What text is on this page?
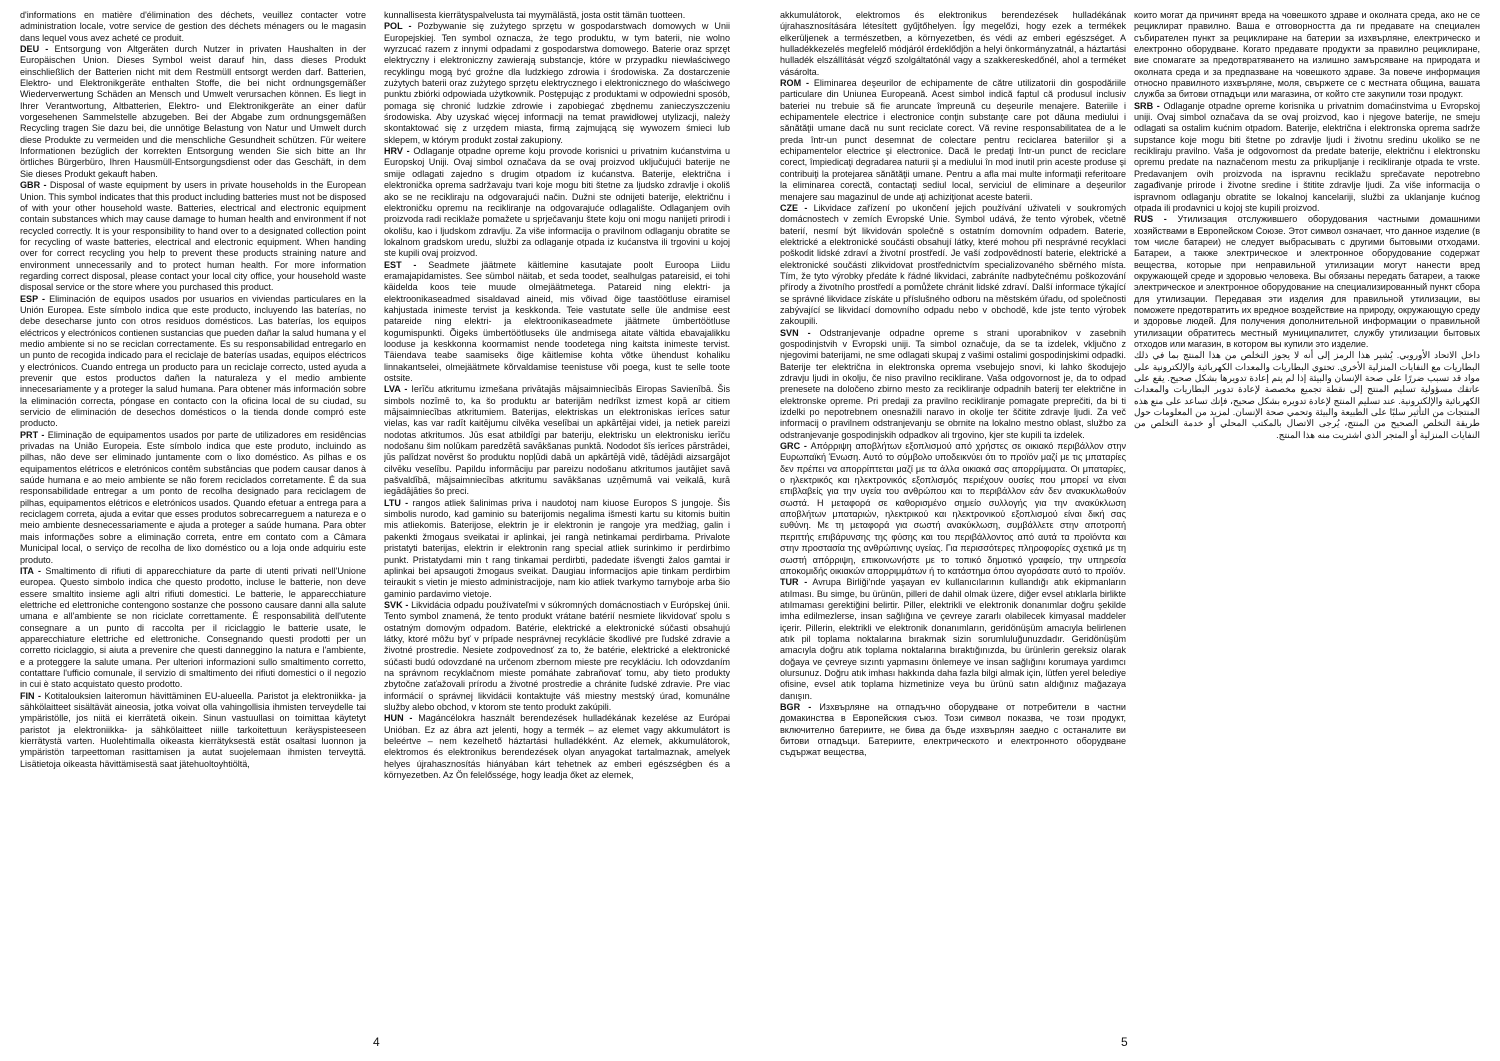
d'informations en matière d'élimination des déchets, veuillez contacter votre administration locale, votre service de gestion des déchets ménagers ou le magasin dans lequel vous avez acheté ce produit.

DEU - Entsorgung von Altgeräten durch Nutzer in privaten Haushalten in der Europäischen Union. Dieses Symbol weist darauf hin, dass dieses Produkt einschließlich der Batterien nicht mit dem Restmüll entsorgt werden darf. Batterien, Elektro- und Elektronikgeräte enthalten Stoffe, die bei nicht ordnungsgemäßer Wiederverwertung Schäden an Mensch und Umwelt verursachen können. Es liegt in Ihrer Verantwortung, Altbatterien, Elektro- und Elektronikgeräte an einer dafür vorgesehenen Sammelstelle abzugeben. Bei der Abgabe zum ordnungsgemäßen Recycling tragen Sie dazu bei, die unnötige Belastung von Natur und Umwelt durch diese Produkte zu vermeiden und die menschliche Gesundheit schützen. Für weitere Informationen bezüglich der korrekten Entsorgung wenden Sie sich bitte an Ihr örtliches Bürgerbüro, Ihren Hausmüll-Entsorgungsdienst oder das Geschäft, in dem Sie dieses Produkt gekauft haben.

GBR - Disposal of waste equipment by users in private households in the European Union. This symbol indicates that this product including batteries must not be disposed of with your other household waste. Batteries, electrical and electronic equipment contain substances which may cause damage to human health and environment if not recycled correctly. It is your responsibility to hand over to a designated collection point for recycling of waste batteries, electrical and electronic equipment. When handing over for correct recycling you help to prevent these products straining nature and environment unnecessarily and to protect human health. For more information regarding correct disposal, please contact your local city office, your household waste disposal service or the store where you purchased this product.

ESP - Eliminación de equipos usados por usuarios en viviendas particulares en la Unión Europea. Este símbolo indica que este producto, incluyendo las baterías, no debe desecharse junto con otros residuos domésticos. Las baterías, los equipos eléctricos y electrónicos contienen sustancias que pueden dañar la salud humana y el medio ambiente si no se reciclan correctamente. Es su responsabilidad entregarlo en un punto de recogida indicado para el reciclaje de baterías usadas, equipos eléctricos y electrónicos. Cuando entrega un producto para un reciclaje correcto, usted ayuda a prevenir que estos productos dañen la naturaleza y el medio ambiente innecesariamente y a proteger la salud humana. Para obtener más información sobre la eliminación correcta, póngase en contacto con la oficina local de su ciudad, su servicio de eliminación de desechos domésticos o la tienda donde compró este producto.

PRT - Eliminação de equipamentos usados por parte de utilizadores em residências privadas na União Europeia. Este símbolo indica que este produto, incluindo as pilhas, não deve ser eliminado juntamente com o lixo doméstico. As pilhas e os equipamentos elétricos e eletrónicos contêm substâncias que podem causar danos à saúde humana e ao meio ambiente se não forem reciclados corretamente. É da sua responsabilidade entregar a um ponto de recolha designado para reciclagem de pilhas, equipamentos elétricos e eletrónicos usados. Quando efetuar a entrega para a reciclagem correta, ajuda a evitar que esses produtos sobrecarreguem a natureza e o meio ambiente desnecessariamente e ajuda a proteger a saúde humana. Para obter mais informações sobre a eliminação correta, entre em contato com a Câmara Municipal local, o serviço de recolha de lixo doméstico ou a loja onde adquiriu este produto.

ITA - Smaltimento di rifiuti di apparecchiature da parte di utenti privati nell'Unione europea. Questo simbolo indica che questo prodotto, incluse le batterie, non deve essere smaltito insieme agli altri rifiuti domestici. Le batterie, le apparecchiature elettriche ed elettroniche contengono sostanze che possono causare danni alla salute umana e all'ambiente se non riciclate correttamente. È responsabilità dell'utente consegnare a un punto di raccolta per il riciclaggio le batterie usate, le apparecchiature elettriche ed elettroniche. Consegnando questi prodotti per un corretto riciclaggio, si aiuta a prevenire che questi danneggino la natura e l'ambiente, e a proteggere la salute umana. Per ulteriori informazioni sullo smaltimento corretto, contattare l'ufficio comunale, il servizio di smaltimento dei rifiuti domestici o il negozio in cui è stato acquistato questo prodotto.

FIN - Kotitalouksien laiteromun hävittäminen EU-alueella. Paristot ja elektroniikka- ja sähkölaitteet sisältävät aineosia, jotka voivat olla vahingollisia ihmisten terveydelle tai ympäristölle, jos niitä ei kierrätetä oikein. Sinun vastuullasi on toimittaa käytetyt paristot ja elektroniikka- ja sähkölaitteet niille tarkoitettuun keräyspisteeseen kierrätystä varten. Huolehtimalla oikeasta kierrätyksestä estät osaltasi luonnon ja ympäristön tarpeettoman rasittamisen ja autat suojelemaan ihmisten terveyttä. Lisätietoja oikeasta hävittämisestä saat jätehuoltoyhtiöltä,

kunnallisesta kierrätyspalvelusta tai myymälästä, josta ostit tämän tuotteen.

POL - Pozbywanie się zużytego sprzętu w gospodarstwach domowych w Unii Europejskiej. Ten symbol oznacza, że tego produktu, w tym baterii, nie wolno wyrzucać razem z innymi odpadami z gospodarstwa domowego. Baterie oraz sprzęt elektryczny i elektroniczny zawierają substancje, które w przypadku niewłaściwego recyklingu mogą być groźne dla ludzkiego zdrowia i środowiska. Za dostarczenie zużytych baterii oraz zużytego sprzętu elektrycznego i elektronicznego do właściwego punktu zbiórki odpowiada użytkownik. Postępując z produktami w odpowiedni sposób, pomaga się chronić ludzkie zdrowie i zapobiegać zbędnemu zanieczyszczeniu środowiska. Aby uzyskać więcej informacji na temat prawidłowej utylizacji, należy skontaktować się z urzędem miasta, firmą zajmującą się wywozem śmieci lub sklepem, w którym produkt został zakupiony.

HRV - Odlaganje otpadne opreme koju provode korisnici u privatnim kućanstvima u Europskoj Uniji. Ovaj simbol označava da se ovaj proizvod uključujući baterije ne smije odlagati zajedno s drugim otpadom iz kućanstva. Baterije, električna i elektronička oprema sadržavaju tvari koje mogu biti štetne za ljudsko zdravlje i okoliš ako se ne recikliraju na odgovarajući način. Dužni ste odnijeti baterije, električnu i elektroničku opremu na recikliranje na odgovarajuće odlagalište. Odlaganjem ovih proizvoda radi reciklaže pomažete u sprječavanju štete koju oni mogu nanijeti prirodi i okolišu, kao i ljudskom zdravlju. Za više informacija o pravilnom odlaganju obratite se lokalnom gradskom uredu, službi za odlaganje otpada iz kućanstva ili trgovini u kojoj ste kupili ovaj proizvod.

EST - Seadmete jäätmete käitlemine kasutajate poolt Euroopa Liidu eramajapidamistes. See sümbol näitab, et seda toodet, sealhulgas patareisid, ei tohi käidelda koos teie muude olmejäätmetega. Patareid ning elektri- ja elektroonikaseadmed sisaldavad aineid, mis võivad õige taastöötluse eiramisel kahjustada inimeste tervist ja keskkonda. Teie vastutate selle üle andmise eest patareide ning elektri- ja elektroonikaseadmete jäätmete ümbertöötluse kogumispunkti. Õigeks ümbertöötluseks üle andmisega aitate vältida ebavajalikku looduse ja keskkonna koormamist nende toodetega ning kaitsta inimeste tervist. Täiendava teabe saamiseks õige käitlemise kohta võtke ühendust kohaliku linnakantselei, olmejäätmete kõrvaldamise teenistuse või poega, kust te selle toote ostsite.

LVA - Ierīču atkritumu izmešana privātajās mājsaimniecībās Eiropas Savienībā. Šis simbols nozīmē to, ka šo produktu ar baterijām nedrīkst izmest kopā ar citiem mājsaimniecības atkritumiem. Baterijas, elektriskas un elektroniskas ierīces satur vielas, kas var radīt kaitējumu cilvēka veselībai un apkārtējai videi, ja netiek pareizi nodotas atkritumos. Jūs esat atbildīgi par bateriju, elektrisku un elektronisku ierīču nodošanu šim nolūkam paredzētā savākšanas punktā. Nododot šīs ierīces pārstrādei, jūs palīdzat novērst šo produktu nopļūdi dabā un apkārtējā vidē, tādējādi aizsargājot cilvēku veselību. Papildu informāciju par pareizu nodošanu atkritumos jautājiet savā pašvaldībā, mājsaimniecības atkritumu savākšanas uzņēmumā vai veikalā, kurā iegādājāties šo preci.

LTU - rangos atliek šalinimas priva i naudotoj nam kiuose Europos S jungoje. Šis simbolis nurodo, kad gaminio su baterijomis negalima išmesti kartu su kitomis buitin mis atliekomis. Baterijose, elektrin je ir elektronin je rangoje yra medžiag, galin i pakenkti žmogaus sveikatai ir aplinkai, jei rangà netinkamai perdirbama. Privalote pristatyti baterijas, elektrin ir elektronin rang special atliek surinkimo ir perdirbimo punkt. Pristatydami min t rang tinkamai perdirbti, padedate išvengti žalos gamtai ir aplinkai bei apsaugoti žmogaus sveikat. Daugiau informacijos apie tinkam perdirbim teiraukit s vietin je miesto administracijoje, nam kio atliek tvarkymo tarnyboje arba šio gaminio pardavimo vietoje.

SVK - Likvidácia odpadu používateľmi v súkromných domácnostiach v Európskej únii. Tento symbol znamená, že tento produkt vrátane batérií nesmiete likvidovať spolu s ostatným domovým odpadom. Batérie, elektrické a elektronické súčasti obsahujú látky, ktoré môžu byť v prípade nesprávnej recyklácie škodlivé pre ľudské zdravie a životné prostredie. Nesiete zodpovednosť za to, že batérie, elektrické a elektronické súčasti budú odovzdané na určenom zbernom mieste pre recykláciu. Ich odovzdaním na správnom recyklačnom mieste pomáhate zabraňovať tomu, aby tieto produkty zbytočne zaťažovali prírodu a životné prostredie a chránite ľudské zdravie. Pre viac informácií o správnej likvidácii kontaktujte váš miestny mestský úrad, komunálne služby alebo obchod, v ktorom ste tento produkt zakúpili.

HUN - Magáncélokra használt berendezések hulladékának kezelése az Európai Unióban. Ez az ábra azt jelenti, hogy a termék – az elemet vagy akkumulátort is beleértve – nem kezelhető háztartási hulladékként. Az elemek, akkumulátorok, elektromos és elektronikus berendezések olyan anyagokat tartalmaznak, amelyek helyes újrahasznosítás hiányában kárt tehetnek az emberi egészségben és a környezetben. Az Ön felelőssége, hogy leadja őket az elemek,

4

akkumulátorok, elektromos és elektronikus berendezések hulladékának újrahasznosítására létesített gyűjtőhelyen. Így megelőzi, hogy ezek a termékek elkerüljenek a természetben, a környezetben, és védi az emberi egészséget. A hulladékkezelés megfelelő módjáról érdeklődjön a helyi önkormányzatnál, a háztartási hulladék elszállítását végző szolgáltatónál vagy a szakkereskedőnél, ahol a terméket vásárolta.

ROM - Eliminarea deşeurilor de echipamente de către utilizatorii din gospodăriile particulare din Uniunea Europeană. Acest simbol indică faptul că produsul inclusiv bateriei nu trebuie să fie aruncate împreună cu deşeurile menajere. Bateriile i echipamentele electrice i electronice conţin substanţe care pot dăuna mediului i sănătăţii umane dacă nu sunt reciclate corect. Vă revine responsabilitatea de a le preda într-un punct desemnat de colectare pentru reciclarea bateriilor şi a echipamentelor electrice şi electronice. Dacă le predaţi într-un punct de reciclare corect, împiedicaţi degradarea naturii şi a mediului în mod inutil prin aceste produse şi contribuiţi la protejarea sănătăţii umane. Pentru a afla mai multe informaţii referitoare la eliminarea corectă, contactaţi sediul local, serviciul de eliminare a deşeurilor menajere sau magazinul de unde aţi achiziţionat aceste baterii.

CZE - Likvidace zařízení po ukončení jejich používání uživateli v soukromých domácnostech v zemích Evropské Unie. Symbol udává, že tento výrobek, včetně baterií, nesmí být likvidován společně s ostatním domovním odpadem. Baterie, elektrické a elektronické součásti obsahují látky, které mohou při nesprávné recyklaci poškodit lidské zdraví a životní prostředí. Je vaší zodpovědností baterie, elektrické a elektronické součásti zlikvidovat prostřednictvím specializovaného sběrného místa. Tím, že tyto výrobky předáte k řádné likvidaci, zabráníte nadbytečnému poškozování přírody a životního prostředí a pomůžete chránit lidské zdraví. Další informace týkající se správné likvidace získáte u příslušného odboru na městském úřadu, od společnosti zabývající se likvidací domovního odpadu nebo v obchodě, kde jste tento výrobek zakoupili.

SVN - Odstranjevanje odpadne opreme s strani uporabnikov v zasebnih gospodinjstvih v Evropski uniji. Ta simbol označuje, da se ta izdelek, vključno z njegovimi baterijami, ne sme odlagati skupaj z vašimi ostalimi gospodinjskimi odpadki. Baterije ter električna in elektronska oprema vsebujejo snovi, ki lahko škodujejo zdravju ljudi in okolju, če niso pravilno reciklirane. Vaša odgovornost je, da to odpad prenesete na določeno zbirno mesto za recikliranje odpadnih baterij ter električne in elektronske opreme. Pri predaji za pravilno recikliranje pomagate preprečiti, da bi ti izdelki po nepotrebnem onesnažili naravo in okolje ter ščitite zdravje ljudi. Za več informacij o pravilnem odstranjevanju se obrnite na lokalno mestno oblast, službo za odstranjevanje gospodinjskih odpadkov ali trgovino, kjer ste kupili ta izdelek.

GRC - Απόρριψη αποβλήτων εξοπλισμού από χρήστες σε οικιακό περιβάλλον στην Ευρωπαϊκή Ένωση. Αυτό το σύμβολο υποδεικνύει ότι το προϊόν μαζί με τις μπαταρίες δεν πρέπει να απορρίπτεται μαζί με τα άλλα οικιακά σας απορρίμματα. Οι μπαταρίες, ο ηλεκτρικός και ηλεκτρονικός εξοπλισμός περιέχουν ουσίες που μπορεί να είναι επιβλαβείς για την υγεία του ανθρώπου και το περιβάλλον εάν δεν ανακυκλωθούν σωστά. Η μεταφορά σε καθορισμένο σημείο συλλογής για την ανακύκλωση αποβλήτων μπαταριών, ηλεκτρικού και ηλεκτρονικού εξοπλισμού είναι δική σας ευθύνη. Με τη μεταφορά για σωστή ανακύκλωση, συμβάλλετε στην αποτροπή περιττής επιβάρυνσης της φύσης και του περιβάλλοντος από αυτά τα προϊόντα και στην προστασία της ανθρώπινης υγείας. Για περισσότερες πληροφορίες σχετικά με τη σωστή απόρριψη, επικοινωνήστε με το τοπικό δημοτικό γραφείο, την υπηρεσία αποκομιδής οικιακών απορριμμάτων ή το κατάστημα όπου αγοράσατε αυτό το προϊόν.

TUR - Avrupa Birliği'nde yaşayan ev kullanıcılarının kullandığı atık ekipmanların atılması. Bu simge, bu ürünün, pilleri de dahil olmak üzere, diğer evsel atıklarla birlikte atılmaması gerektiğini belirtir. Piller, elektrikli ve elektronik donanımlar doğru şekilde imha edilmezlerse, insan sağlığına ve çevreye zararlı olabilecek kimyasal maddeler içerir. Pillerin, elektrikli ve elektronik donanımların, geridönüşüm amacıyla belirlenen atık pil toplama noktalarına bırakmak sizin sorumluluğunuzdadır. Geridönüşüm amacıyla doğru atık toplama noktalarına bıraktığınızda, bu ürünlerin gereksiz olarak doğaya ve çevreye sızıntı yapmasını önlemeye ve insan sağlığını korumaya yardımcı olursunuz. Doğru atık imhası hakkında daha fazla bilgi almak için, lütfen yerel belediye ofisine, evsel atık toplama hizmetinize veya bu ürünü satın aldığınız mağazaya danışın.

BGR - Изхвърляне на отпадъчно оборудване от потребители в частни домакинства в Европейския съюз. Този символ показва, че този продукт, включително батериите, не бива да бъде изхвърлян заедно с останалите ви битови отпадъци. Батериите, електрическото и електронното оборудване съдържат вещества,

които могат да причинят вреда на човешкото здраве и околната среда, ако не се рециклират правилно. Ваша е отговорността да ги предавате на специален събирателен пункт за рециклиране на батерии за изхвърляне, електрическо и електронно оборудване. Когато предавате продукти за правилно рециклиране, вие спомагате за предотвратяването на излишно замърсяване на природата и околната среда и за предпазване на човешкото здраве. За повече информация относно правилното изхвърляне, моля, свържете се с местната община, вашата служба за битови отпадъци или магазина, от който сте закупили този продукт.

SRB - Odlaganje otpadne opreme korisnika u privatnim domaćinstvima u Evropskoj uniji. Ovaj simbol označava da se ovaj proizvod, kao i njegove baterije, ne smeju odlagati sa ostalim kućnim otpadom. Baterije, električna i elektronska oprema sadrže supstance koje mogu biti štetne po zdravlje ljudi i životnu sredinu ukoliko se ne recikliraju pravilno. Vaša je odgovornost da predate baterije, električnu i elektronsku opremu predate na naznačenom mestu za prikupljanje i recikliranje otpada te vrste. Predavanjem ovih proizvoda na ispravnu reciklažu sprečavate nepotrebno zagađivanje prirode i životne sredine i štitite zdravlje ljudi. Za više informacija o ispravnom odlaganju obratite se lokalnoj kancelariji, službi za uklanjanje kućnog otpada ili prodavnici u kojoj ste kupili proizvod.

RUS - Утилизация отслужившего оборудования частными домашними хозяйствами в Европейском Союзе. Этот символ означает, что данное изделие (в том числе батареи) не следует выбрасывать с другими бытовыми отходами. Батареи, а также электрическое и электронное оборудование содержат вещества, которые при неправильной утилизации могут нанести вред окружающей среде и здоровью человека. Вы обязаны передать батареи, а также электрическое и электронное оборудование на специализированный пункт сбора для утилизации. Передавая эти изделия для правильной утилизации, вы поможете предотвратить их вредное воздействие на природу, окружающую среду и здоровье людей. Для получения дополнительной информации о правильной утилизации обратитесь местный муниципалитет, службу утилизации бытовых отходов или магазин, в котором вы купили это изделие.

داخل الاتحاد الأوروبي. يُشير هذا الرمز إلى أنه لا يجوز التخلص من هذا المنتج بما في ذلك البطاريات مع النفايات المنزلية الأخرى. تحتوي البطاريات والمعدات الكهربائية والإلكترونية على مواد قد تسبب ضررًا على صحة الإنسان والبيئة إذا لم يتم إعادة تدويرها بشكل صحيح. يقع على عاتقك مسؤولية تسليم المنتج إلى نقطة تجميع مخصصة لإعادة تدوير البطاريات والمعدات الكهربائية والإلكترونية. عند تسليم المنتج لإعادة تدويره بشكل صحيح، فإنك تساعد على منع هذه المنتجات من التأثير سلبًا على الطبيعة والبيئة وتحمي صحة الإنسان. لمزيد من المعلومات حول طريقة التخلص الصحيح من المنتج، يُرجى الاتصال بالمكتب المحلي أو خدمة التخلص من النفايات المنزلية أو المتجر الذي اشتريت منه هذا المنتج.

5
